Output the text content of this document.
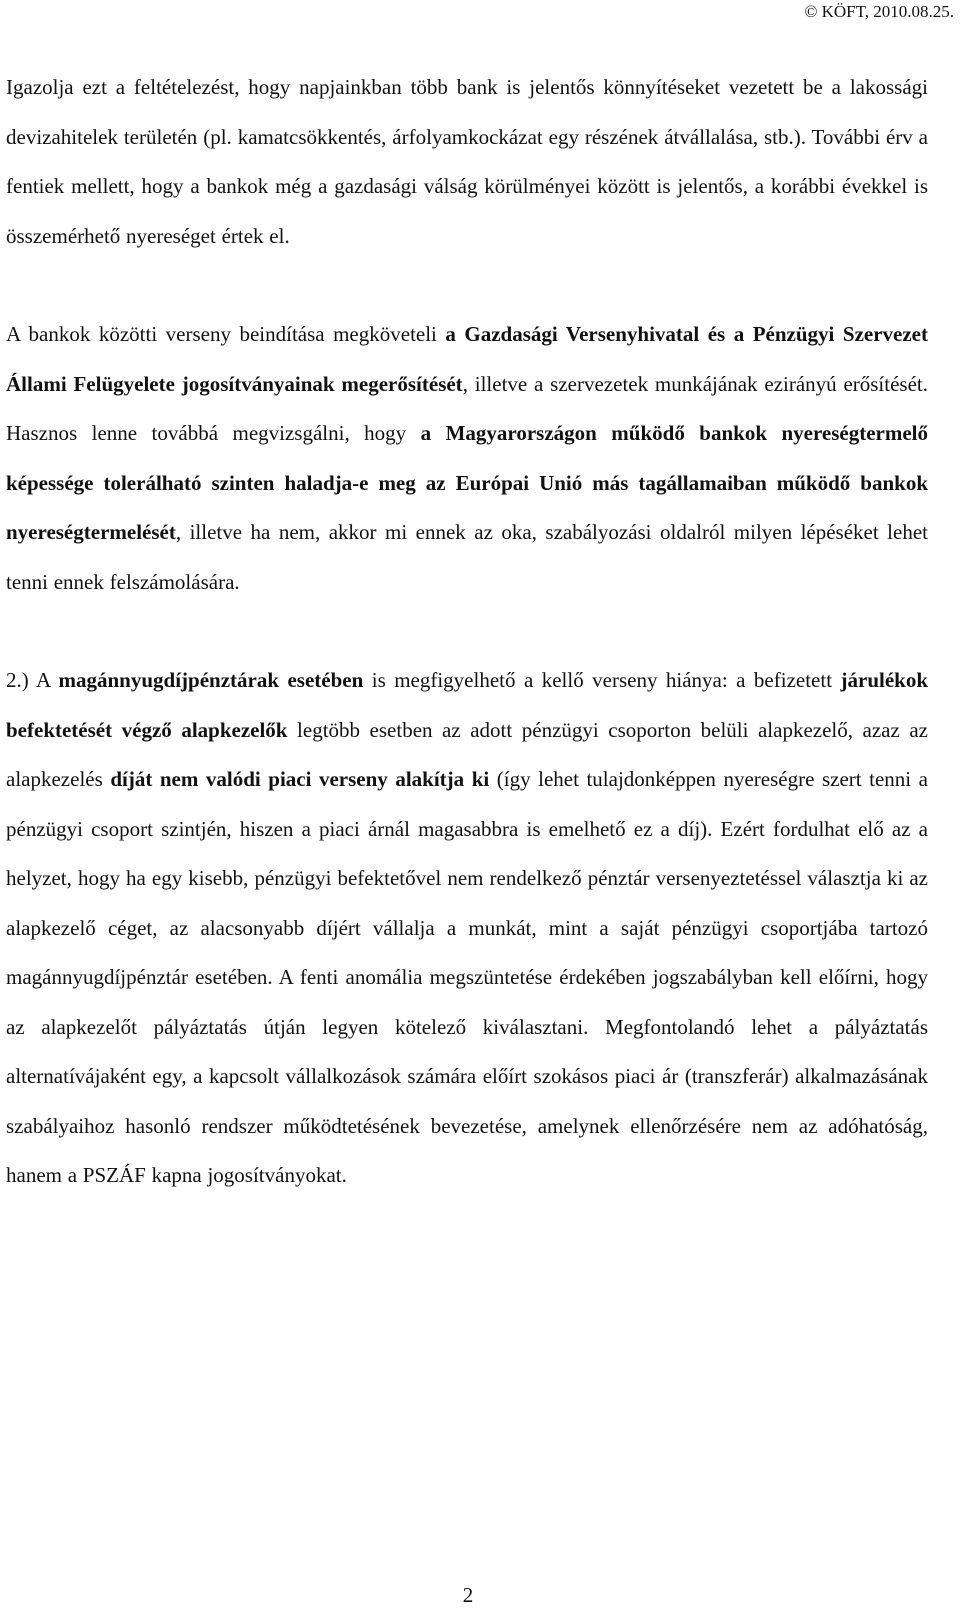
© KÖFT, 2010.08.25.

Igazolja ezt a feltételezést, hogy napjainkban több bank is jelentős könnyítéseket vezetett be a lakossági devizahitelek területén (pl. kamatcsökkentés, árfolyamkockázat egy részének átvállalása, stb.). További érv a fentiek mellett, hogy a bankok még a gazdasági válság körülményei között is jelentős, a korábbi évekkel is összemérhető nyereséget értek el.

A bankok közötti verseny beindítása megköveteli a Gazdasági Versenyhivatal és a Pénzügyi Szervezet Állami Felügyelete jogosítványainak megerősítését, illetve a szervezetek munkájának ezirányú erősítését. Hasznos lenne továbbá megvizsgálni, hogy a Magyarországon működő bankok nyereségtermelő képessége tolerálható szinten haladja-e meg az Európai Unió más tagállamaiban működő bankok nyereségtermelését, illetve ha nem, akkor mi ennek az oka, szabályozási oldalról milyen lépéséket lehet tenni ennek felszámolására.

2.) A magánnyugdíjpénztárak esetében is megfigyelhető a kellő verseny hiánya: a befizetett járulékok befektetését végző alapkezelők legtöbb esetben az adott pénzügyi csoporton belüli alapkezelő, azaz az alapkezelés díját nem valódi piaci verseny alakítja ki (így lehet tulajdonképpen nyereségre szert tenni a pénzügyi csoport szintjén, hiszen a piaci árnál magasabbra is emelhető ez a díj). Ezért fordulhat elő az a helyzet, hogy ha egy kisebb, pénzügyi befektetővel nem rendelkező pénztár versenyeztetéssel választja ki az alapkezelő céget, az alacsonyabb díjért vállalja a munkát, mint a saját pénzügyi csoportjába tartozó magánnyugdíjpénztár esetében. A fenti anomália megszüntetése érdekében jogszabályban kell előírni, hogy az alapkezelőt pályáztatás útján legyen kötelező kiválasztani. Megfontolandó lehet a pályáztatás alternatívájaként egy, a kapcsolt vállalkozások számára előírt szokásos piaci ár (transzferár) alkalmazásának szabályaihoz hasonló rendszer működtetésének bevezetése, amelynek ellenőrzésére nem az adóhatóság, hanem a PSZÁF kapna jogosítványokat.

2
